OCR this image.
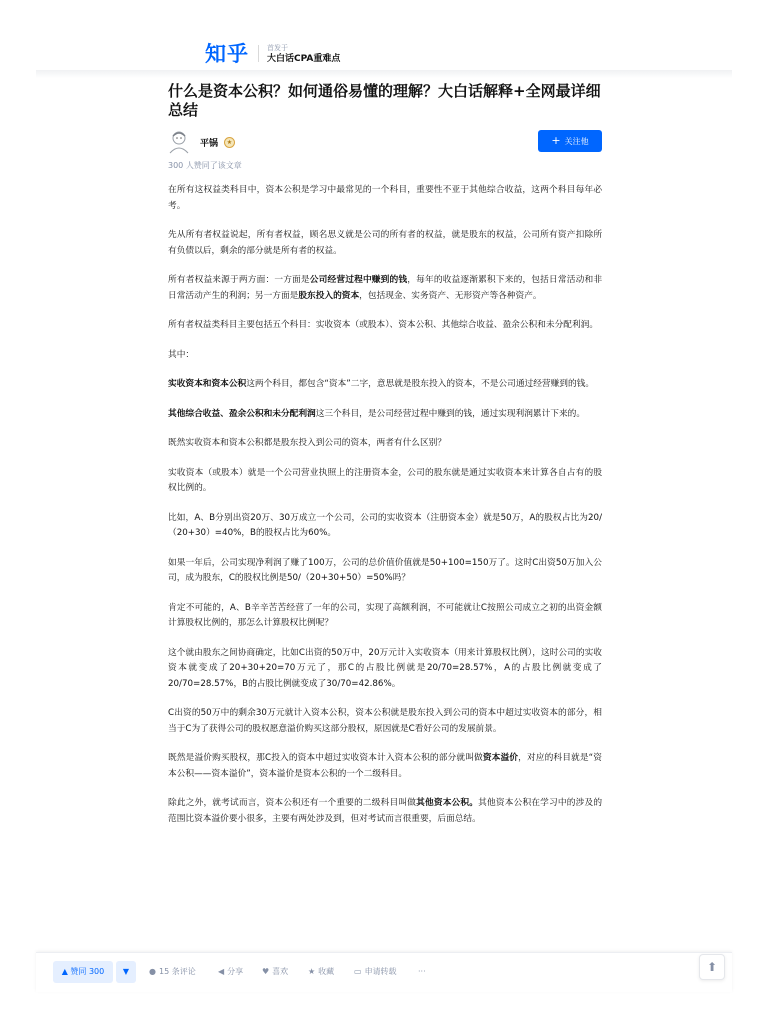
知乎	首发于
大白话CPA重难点
什么是资本公积？如何通俗易懂的理解？大白话解释+全网最详细总结
平锅	★	+ 关注他
300 人赞同了该文章

在所有这权益类科目中，资本公积是学习中最常见的一个科目，重要性不亚于其他综合收益，这两个科目每年必考。

先从所有者权益说起，所有者权益，顾名思义就是公司的所有者的权益，就是股东的权益，公司所有资产扣除所有负债以后，剩余的部分就是所有者的权益。

所有者权益来源于两方面：一方面是公司经营过程中赚到的钱，每年的收益逐渐累积下来的，包括日常活动和非日常活动产生的利润；另一方面是股东投入的资本，包括现金、实务资产、无形资产等各种资产。

所有者权益类科目主要包括五个科目：实收资本（或股本）、资本公积、其他综合收益、盈余公积和未分配利润。

其中：

实收资本和资本公积这两个科目，都包含“资本”二字，意思就是股东投入的资本，不是公司通过经营赚到的钱。

其他综合收益、盈余公积和未分配利润这三个科目，是公司经营过程中赚到的钱，通过实现利润累计下来的。

既然实收资本和资本公积都是股东投入到公司的资本，两者有什么区别？

实收资本（或股本）就是一个公司营业执照上的注册资本金，公司的股东就是通过实收资本来计算各自占有的股权比例的。

比如，A、B分别出资20万、30万成立一个公司，公司的实收资本（注册资本金）就是50万，A的股权占比为20/（20+30）=40%，B的股权占比为60%。

如果一年后，公司实现净利润了赚了100万，公司的总价值价值就是50+100=150万了。这时C出资50万加入公司，成为股东，C的股权比例是50/（20+30+50）=50%吗？

肯定不可能的，A、B辛辛苦苦经营了一年的公司，实现了高额利润，不可能就让C按照公司成立之初的出资金额计算股权比例的，那怎么计算股权比例呢？

这个就由股东之间协商确定，比如C出资的50万中，20万元计入实收资本（用来计算股权比例），这时公司的实收资本就变成了20+30+20=70万元了，那C的占股比例就是20/70=28.57%，A的占股比例就变成了20/70=28.57%，B的占股比例就变成了30/70=42.86%。

C出资的50万中的剩余30万元就计入资本公积，资本公积就是股东投入到公司的资本中超过实收资本的部分，相当于C为了获得公司的股权愿意溢价购买这部分股权，原因就是C看好公司的发展前景。

既然是溢价购买股权，那C投入的资本中超过实收资本计入资本公积的部分就叫做资本溢价，对应的科目就是“资本公积——资本溢价”，资本溢价是资本公积的一个二级科目。

除此之外，就考试而言，资本公积还有一个重要的二级科目叫做其他资本公积。其他资本公积在学习中的涉及的范围比资本溢价要小很多，主要有两处涉及到，但对考试而言很重要，后面总结。

▲ 赞同 300	▼	● 15 条评论	◀ 分享 ♥ 喜欢 ★ 收藏 ▭ 申请转载	···	⬆
